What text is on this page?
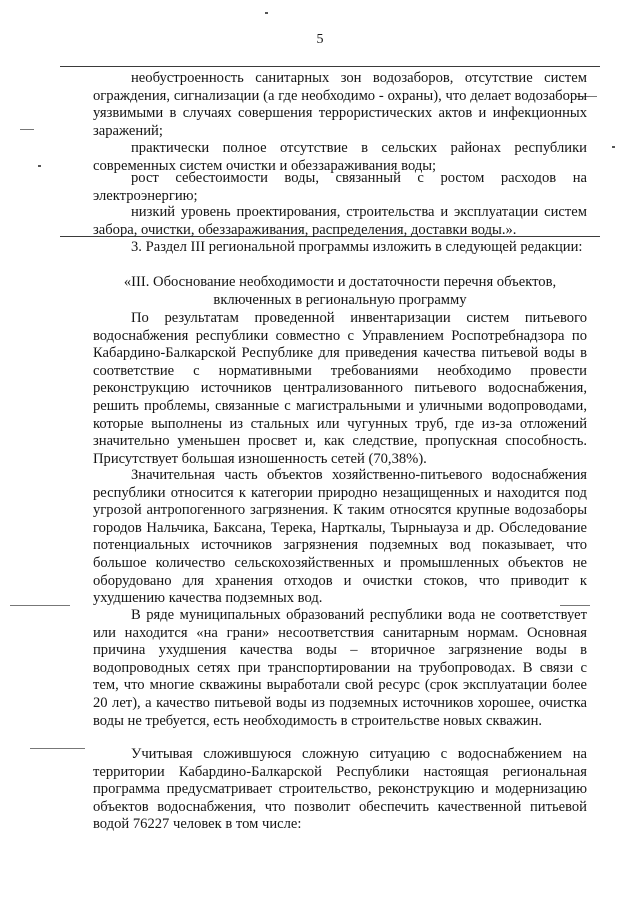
5

необустроенность санитарных зон водозаборов, отсутствие систем ограждения, сигнализации (а где необходимо - охраны), что делает водозаборы уязвимыми в случаях совершения террористических актов и инфекционных заражений;

практически полное отсутствие в сельских районах республики современных систем очистки и обеззараживания воды;

рост себестоимости воды, связанный с ростом расходов на электроэнергию;

низкий уровень проектирования, строительства и эксплуатации систем забора, очистки, обеззараживания, распределения, доставки воды.».

3. Раздел III региональной программы изложить в следующей редакции:

«III. Обоснование необходимости и достаточности перечня объектов,
включенных в региональную программу

По результатам проведенной инвентаризации систем питьевого водоснабжения республики совместно с Управлением Роспотребнадзора по Кабардино-Балкарской Республике для приведения качества питьевой воды в соответствие с нормативными требованиями необходимо провести реконструкцию источников централизованного питьевого водоснабжения, решить проблемы, связанные с магистральными и уличными водопроводами, которые выполнены из стальных или чугунных труб, где из-за отложений значительно уменьшен просвет и, как следствие, пропускная способность. Присутствует большая изношенность сетей (70,38%).

Значительная часть объектов хозяйственно-питьевого водоснабжения республики относится к категории природно незащищенных и находится под угрозой антропогенного загрязнения. К таким относятся крупные водозаборы городов Нальчика, Баксана, Терека, Нарткалы, Тырныауза и др. Обследование потенциальных источников загрязнения подземных вод показывает, что большое количество сельскохозяйственных и промышленных объектов не оборудовано для хранения отходов и очистки стоков, что приводит к ухудшению качества подземных вод.

В ряде муниципальных образований республики вода не соответствует или находится «на грани» несоответствия санитарным нормам. Основная причина ухудшения качества воды – вторичное загрязнение воды в водопроводных сетях при транспортировании на трубопроводах. В связи с тем, что многие скважины выработали свой ресурс (срок эксплуатации более 20 лет), а качество питьевой воды из подземных источников хорошее, очистка воды не требуется, есть необходимость в строительстве новых скважин.

Учитывая сложившуюся сложную ситуацию с водоснабжением на территории Кабардино-Балкарской Республики настоящая региональная программа предусматривает строительство, реконструкцию и модернизацию объектов водоснабжения, что позволит обеспечить качественной питьевой водой 76227 человек в том числе:
